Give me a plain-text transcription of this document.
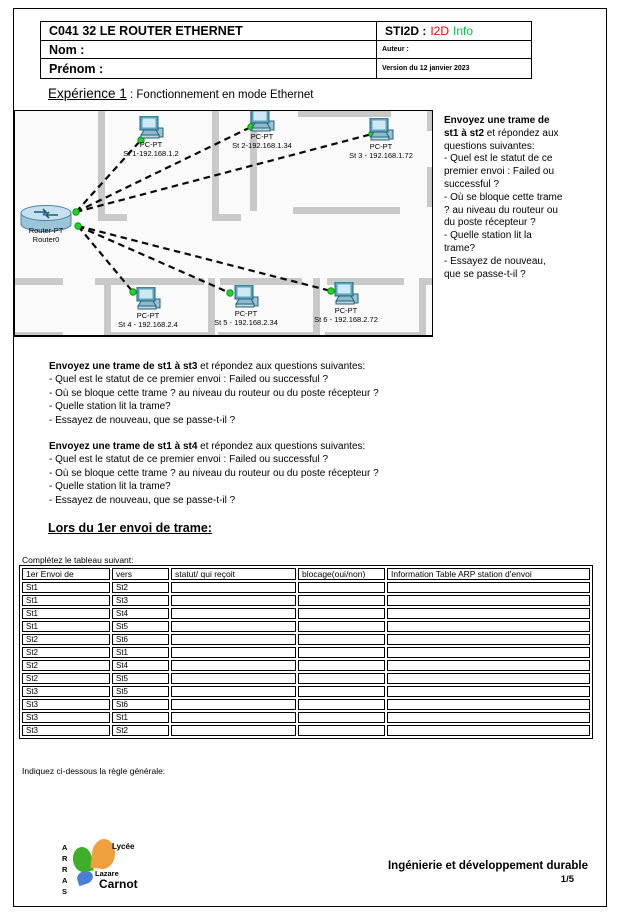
C041 32 LE ROUTER ETHERNET	STI2D : I2D Info
Nom :	Auteur :
Prénom :	Version du 12 janvier 2023
Expérience 1 : Fonctionnement en mode Ethernet
Router-PT
Router0
PC-PT
St 1-192.168.1.2
PC-PT
St 2-192.168.1.34	PC-PT
St 3 - 192.168.1.72
PC-PT
St 4 - 192.168.2.4
PC-PT
St 5 - 192.168.2.34
PC-PT
St 6 - 192.168.2.72
Envoyez une trame de st1 à st2 et répondez aux questions suivantes:
- Quel est le statut de ce premier envoi : Failed ou successful ?
- Où se bloque cette trame ? au niveau du routeur ou du poste récepteur ?
- Quelle station lit la trame?
- Essayez de nouveau, que se passe-t-il ?
Envoyez une trame de st1 à st3 et répondez aux questions suivantes:
- Quel est le statut de ce premier envoi : Failed ou successful ?
- Où se bloque cette trame ? au niveau du routeur ou du poste récepteur ?
- Quelle station lit la trame?
- Essayez de nouveau, que se passe-t-il ?
Envoyez une trame de st1 à st4 et répondez aux questions suivantes:
- Quel est le statut de ce premier envoi : Failed ou successful ?
- Où se bloque cette trame ? au niveau du routeur ou du poste récepteur ?
- Quelle station lit la trame?
- Essayez de nouveau, que se passe-t-il ?
Lors du 1er envoi de trame:
Complétez le tableau suivant:
1er Envoi de	vers	statut/ qui reçoit	blocage(oui/non)	Information Table ARP station d'envoi
St1	St2			
St1	St3			
St1	St4			
St1	St5			
St2	St6			
St2	St1			
St2	St4			
St2	St5			
St3	St5			
St3	St6			
St3	St1			
St3	St2			
Indiquez ci-dessous la règle générale:
ARRAS
Lycée
Lazare
Carnot
Ingénierie et développement durable
1/5
